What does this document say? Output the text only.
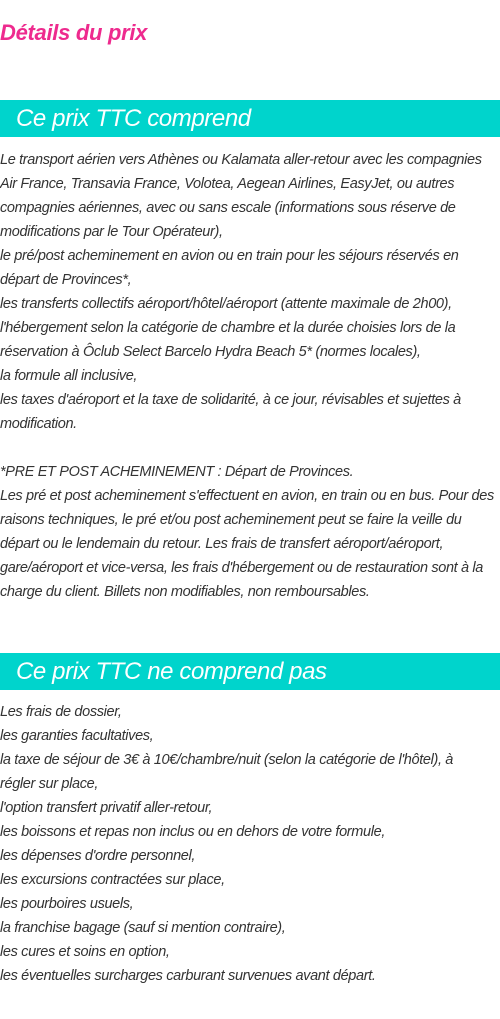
Détails du prix
Ce prix TTC comprend
Le transport aérien vers Athènes ou Kalamata aller-retour avec les compagnies
Air France, Transavia France, Volotea, Aegean Airlines, EasyJet, ou autres
compagnies aériennes, avec ou sans escale (informations sous réserve de
modifications par le Tour Opérateur),
le pré/post acheminement en avion ou en train pour les séjours réservés en
départ de Provinces*,
les transferts collectifs aéroport/hôtel/aéroport (attente maximale de 2h00),
l'hébergement selon la catégorie de chambre et la durée choisies lors de la
réservation à Ôclub Select Barcelo Hydra Beach 5* (normes locales),
la formule all inclusive,
les taxes d'aéroport et la taxe de solidarité, à ce jour, révisables et sujettes à
modification.
*PRE ET POST ACHEMINEMENT : Départ de Provinces.
Les pré et post acheminement s'effectuent en avion, en train ou en bus. Pour des
raisons techniques, le pré et/ou post acheminement peut se faire la veille du
départ ou le lendemain du retour. Les frais de transfert aéroport/aéroport,
gare/aéroport et vice-versa, les frais d'hébergement ou de restauration sont à la
charge du client. Billets non modifiables, non remboursables.
Ce prix TTC ne comprend pas
Les frais de dossier,
les garanties facultatives,
la taxe de séjour de 3€ à 10€/chambre/nuit (selon la catégorie de l'hôtel), à
régler sur place,
l'option transfert privatif aller-retour,
les boissons et repas non inclus ou en dehors de votre formule,
les dépenses d'ordre personnel,
les excursions contractées sur place,
les pourboires usuels,
la franchise bagage (sauf si mention contraire),
les cures et soins en option,
les éventuelles surcharges carburant survenues avant départ.
